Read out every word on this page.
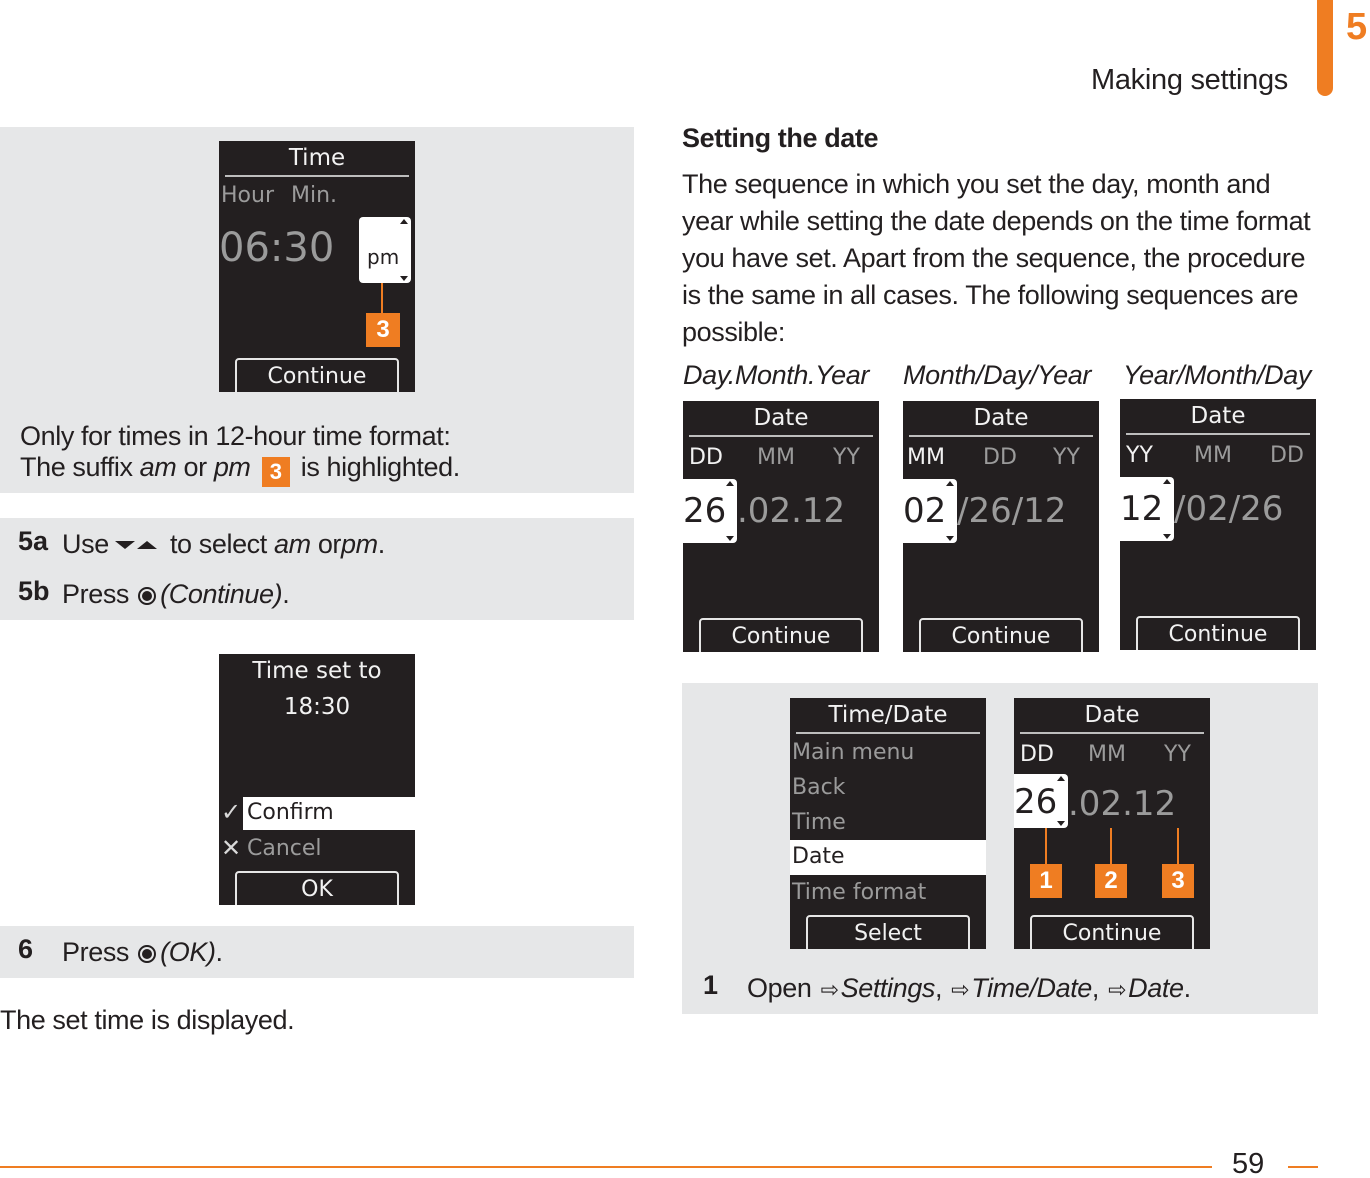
Making settings
5
Time
Hour Min.
06:30 pm
3
Continue
Only for times in 12-hour time format:
The suffix am or pm 3 is highlighted.
5a Use to select am orpm.
5b Press (Continue).
Time set to
18:30
Confirm
✓
✕ Cancel
OK
6 Press (OK).
The set time is displayed.
Setting the date
The sequence in which you set the day, month and
year while setting the date depends on the time format
you have set. Apart from the sequence, the procedure
is the same in all cases. The following sequences are
possible:
Day.Month.Year Month/Day/Year Year/Month/Day
Date
DD MM YY
26 .02.12
Continue
Date
MM DD YY
02 /26/12
Continue
Date
YY MM DD
12 /02/26
Continue
Time/Date
Main menu
Back
Time
Date
Time format
Select
Date
DD MM YY
26 .02.12
1	2	3
Continue
1 Open ⇨Settings, ⇨Time/Date, ⇨Date.
59
